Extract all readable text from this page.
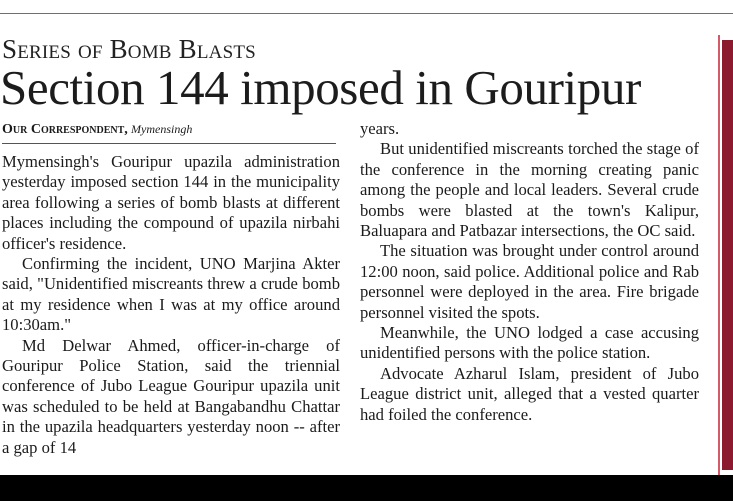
Series of Bomb Blasts
Section 144 imposed in Gouripur
Our Correspondent, Mymensingh

Mymensingh's Gouripur upazila administration yesterday imposed section 144 in the municipality area following a series of bomb blasts at different places including the compound of upazila nirbahi officer's residence.

Confirming the incident, UNO Marjina Akter said, "Unidentified miscreants threw a crude bomb at my residence when I was at my office around 10:30am."

Md Delwar Ahmed, officer-in-charge of Gouripur Police Station, said the triennial conference of Jubo League Gouripur upazila unit was scheduled to be held at Bangabandhu Chattar in the upazila headquarters yesterday noon -- after a gap of 14

years.

But unidentified miscreants torched the stage of the conference in the morning creating panic among the people and local leaders. Several crude bombs were blasted at the town's Kalipur, Baluapara and Patbazar intersections, the OC said.

The situation was brought under control around 12:00 noon, said police. Additional police and Rab personnel were deployed in the area. Fire brigade personnel visited the spots.

Meanwhile, the UNO lodged a case accusing unidentified persons with the police station.

Advocate Azharul Islam, president of Jubo League district unit, alleged that a vested quarter had foiled the conference.
